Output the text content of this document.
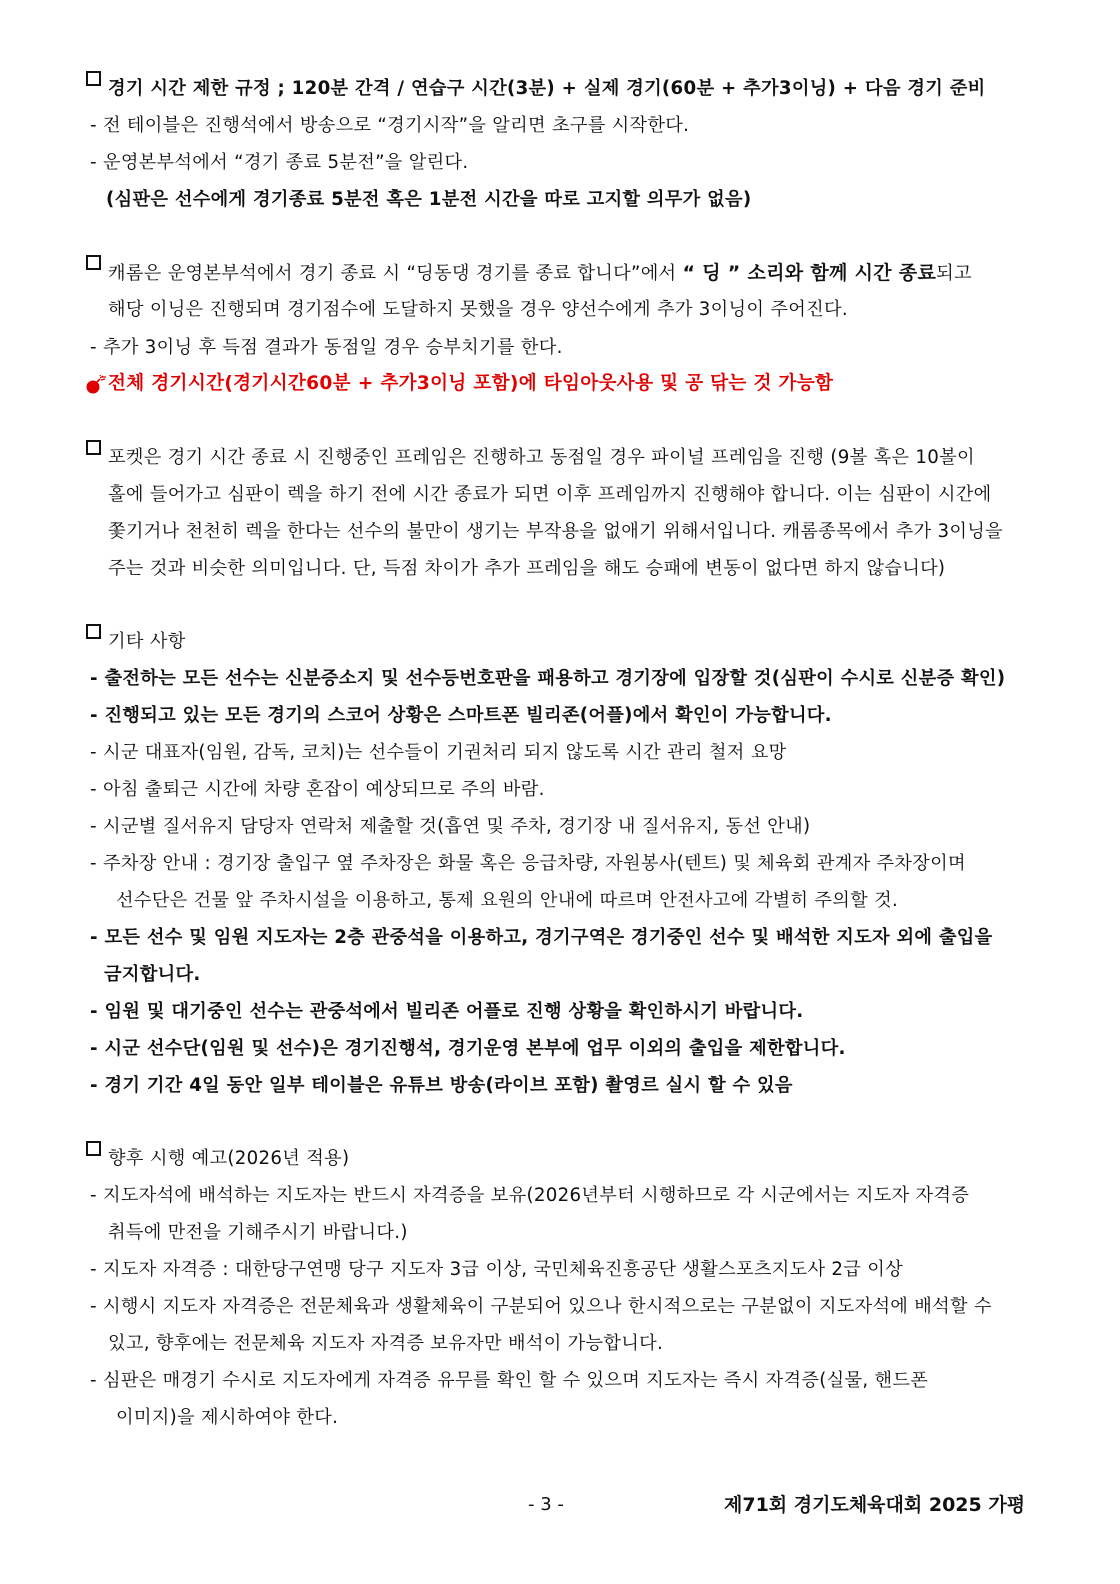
경기 시간 제한 규정 ; 120분 간격 / 연습구 시간(3분) + 실제 경기(60분 + 추가3이닝) + 다음 경기 준비
- 전 테이블은 진행석에서 방송으로 “경기시작”을 알리면 초구를 시작한다.
- 운영본부석에서 “경기 종료 5분전”을 알린다.
(심판은 선수에게 경기종료 5분전 혹은 1분전 시간을 따로 고지할 의무가 없음)
캐롬은 운영본부석에서 경기 종료 시 “딩동댕 경기를 종료 합니다”에서 “ 딩 ” 소리와 함께 시간 종료되고
해당 이닝은 진행되며 경기점수에 도달하지 못했을 경우 양선수에게 추가 3이닝이 주어진다.
- 추가 3이닝 후 득점 결과가 동점일 경우 승부치기를 한다.
전체 경기시간(경기시간60분 + 추가3이닝 포함)에 타임아웃사용 및 공 닦는 것 가능함
포켓은 경기 시간 종료 시 진행중인 프레임은 진행하고 동점일 경우 파이널 프레임을 진행 (9볼 혹은 10볼이
홀에 들어가고 심판이 렉을 하기 전에 시간 종료가 되면 이후 프레임까지 진행해야 합니다. 이는 심판이 시간에
쫓기거나 천천히 렉을 한다는 선수의 불만이 생기는 부작용을 없애기 위해서입니다. 캐롬종목에서 추가 3이닝을
주는 것과 비슷한 의미입니다. 단, 득점 차이가 추가 프레임을 해도 승패에 변동이 없다면 하지 않습니다)
기타 사항
- 출전하는 모든 선수는 신분증소지 및 선수등번호판을 패용하고 경기장에 입장할 것(심판이 수시로 신분증 확인)
- 진행되고 있는 모든 경기의 스코어 상황은 스마트폰 빌리존(어플)에서 확인이 가능합니다.
- 시군 대표자(임원, 감독, 코치)는 선수들이 기권처리 되지 않도록 시간 관리 철저 요망
- 아침 출퇴근 시간에 차량 혼잡이 예상되므로 주의 바람.
- 시군별 질서유지 담당자 연락처 제출할 것(흡연 및 주차, 경기장 내 질서유지, 동선 안내)
- 주차장 안내 : 경기장 출입구 옆 주차장은 화물 혹은 응급차량, 자원봉사(텐트) 및 체육회 관계자 주차장이며
선수단은 건물 앞 주차시설을 이용하고, 통제 요원의 안내에 따르며 안전사고에 각별히 주의할 것.
- 모든 선수 및 임원 지도자는 2층 관중석을 이용하고, 경기구역은 경기중인 선수 및 배석한 지도자 외에 출입을
금지합니다.
- 임원 및 대기중인 선수는 관중석에서 빌리존 어플로 진행 상황을 확인하시기 바랍니다.
- 시군 선수단(임원 및 선수)은 경기진행석, 경기운영 본부에 업무 이외의 출입을 제한합니다.
- 경기 기간 4일 동안 일부 테이블은 유튜브 방송(라이브 포함) 촬영르 실시 할 수 있음
향후 시행 예고(2026년 적용)
- 지도자석에 배석하는 지도자는 반드시 자격증을 보유(2026년부터 시행하므로 각 시군에서는 지도자 자격증
취득에 만전을 기해주시기 바랍니다.)
- 지도자 자격증 : 대한당구연맹 당구 지도자 3급 이상, 국민체육진흥공단 생활스포츠지도사 2급 이상
- 시행시 지도자 자격증은 전문체육과 생활체육이 구분되어 있으나 한시적으로는 구분없이 지도자석에 배석할 수
있고, 향후에는 전문체육 지도자 자격증 보유자만 배석이 가능합니다.
- 심판은 매경기 수시로 지도자에게 자격증 유무를 확인 할 수 있으며 지도자는 즉시 자격증(실물, 핸드폰
이미지)을 제시하여야 한다.
- 3 -	제71회 경기도체육대회 2025 가평
